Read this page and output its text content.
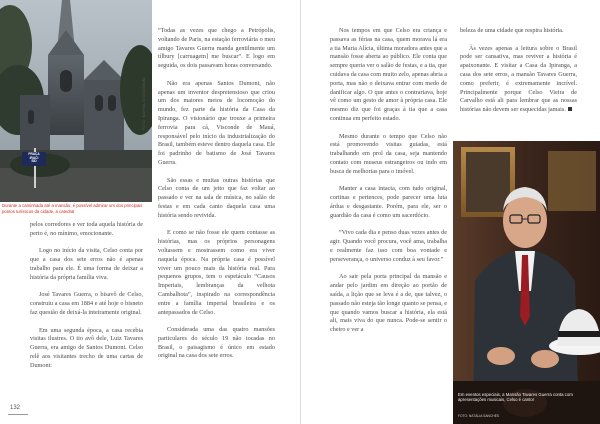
PRAÇA
IRACI
SID
FOTO: NATHALIA GIACOMINI
Durante a caminhada até a mansão, é possível admirar um dos principais pontos turísticos da cidade, a catedral

pelos corredores e ver toda aquela história de perto é, no mínimo, emocionante.

Logo no início da visita, Celso conta por que a casa dos sete erros não é apenas trabalho para ele. É uma forma de deixar a história da própria família viva.

José Tavares Guerra, o bisavô de Celso, construiu a casa em 1884 e até hoje o bisneto faz questão de deixá-la inteiramente original.

Em uma segunda época, a casa recebia visitas ilustres. O tio avô dele, Luiz Tavares Guerra, era amigo de Santos Dumont. Celso relê aos visitantes trecho de uma cartas de Dumont:

“Todas as vezes que chego a Petrópolis, voltando de Paris, na estação ferroviária o meu amigo Tavares Guerra manda gentilmente um tílbury [carruagem] me buscar”. E logo em seguida, os dois passavam horas conversando.

Não era apenas Santos Dumont, não apenas um inventor despretensioso que criou um dos maiores meios de locomoção do mundo, fez parte da história da Casa da Ipiranga. O visionário que trouxe a primeira ferrovia para cá, Visconde de Mauá, responsável pelo início da industrialização do Brasil, também esteve dentro daquela casa. Ele foi padrinho de batismo de José Tavares Guerra.

São essas e muitas outras histórias que Celso conta de um jeito que faz voltar ao passado e ver na sala de música, no salão de festas e em cada canto daquela casa uma história sendo revivida.

E como se não fosse ele quem contasse as histórias, mas os próprios personagens voltassem e mostrassem como era viver naquela época. Na própria casa é possível viver um pouco mais da história real. Para pequenos grupos, tem o espetáculo “Causos Imperiais, lembranças da velhota Cambalhota”, inspirado na correspondência entre a família imperial brasileira e os antepassados de Celso.

Considerada uma das quatro mansões particulares do século 19 não tocadas no Brasil, o paisagismo é único em estado original na casa dos sete erros.

132

Nos tempos em que Celso era criança e passava as férias na casa, quem morava lá era a tia Maria Alícia, última moradora antes que a mansão fosse aberta ao público. Ele conta que sempre queria ver o salão de festas, e a tia, que cuidava da casa com muito zelo, apenas abria a porta, mas não o deixava entrar com medo de danificar algo. O que antes o contrariava, hoje vê como um gesto de amor à própria casa. Ele mesmo diz que foi graças à tia que a casa continua em perfeito estado.

Mesmo durante o tempo que Celso não está promovendo visitas guiadas, está trabalhando em prol da casa, seja mantendo contato com museus estrangeiros ou indo em busca de melhorias para o imóvel.

Manter a casa intacta, com tudo original, cortinas e pertences, pode parecer uma luta árdua e desgastante. Porém, para ele, ser o guardião da casa é como um sacerdócio.

“Vivo cada dia e penso duas vezes antes de agir. Quando você procura, você ama, trabalha e realmente faz isso com boa vontade e perseverança, o universo conduz à seu favor.”

Ao sair pela porta principal da mansão e andar pelo jardim em direção ao portão de saída, a lição que se leva é a de, que talvez, o passado não esteja tão longe quanto se pensa, e que quando vamos buscar a história, ela está ali, mais viva do que nunca. Pode-se sentir o cheiro e ver a

beleza de uma cidade que respira história.

Às vezes apenas a leitura sobre o Brasil pode ser cansativa, mas reviver a história é apaixonante. E visitar a Casa da Ipiranga, a casa dos sete erros, a mansão Tavares Guerra, como preferir, é extremamente incrível. Principalmente porque Celso Vieira de Carvalho está ali para lembrar que as nossas histórias não devem ser esquecidas jamais.

Em eventos especiais, a Mansão Tavares Guerra conta com apresentações musicais, Celso é cantor
FOTO: NATÁLIA SANCHES
